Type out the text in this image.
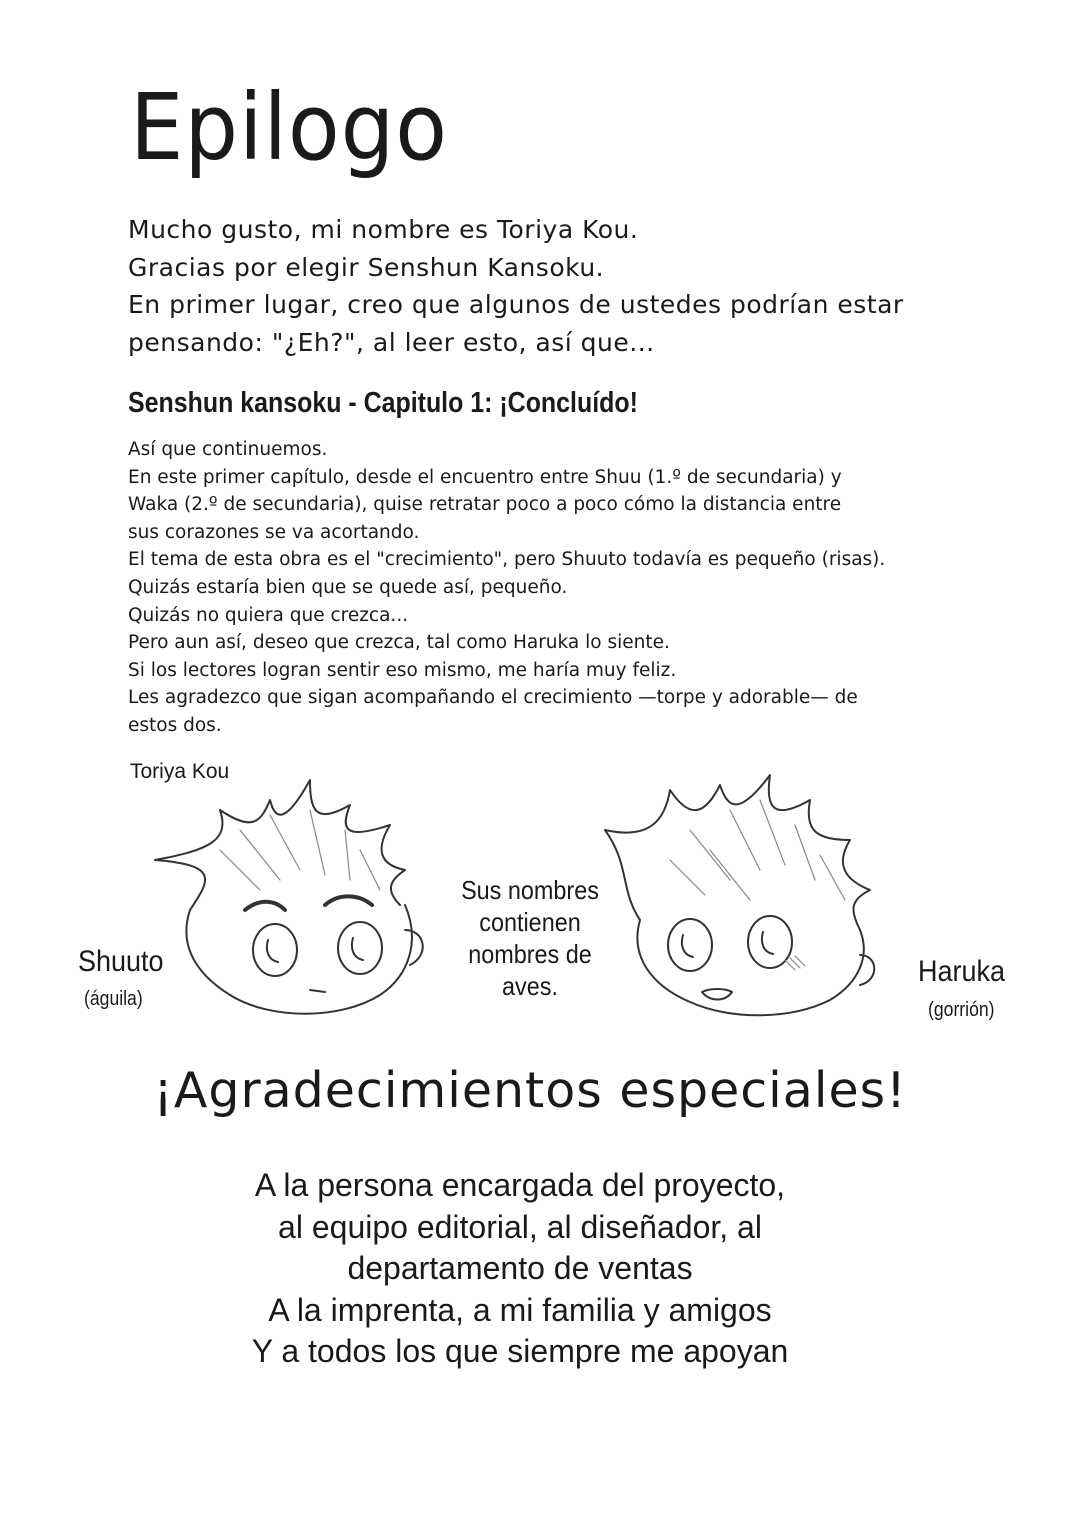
Epilogo
Mucho gusto, mi nombre es Toriya Kou.
Gracias por elegir Senshun Kansoku.
En primer lugar, creo que algunos de ustedes podrían estar
pensando: "¿Eh?", al leer esto, así que...
Senshun kansoku - Capitulo 1: ¡Concluído!
Así que continuemos.
En este primer capítulo, desde el encuentro entre Shuu (1.º de secundaria) y
Waka (2.º de secundaria), quise retratar poco a poco cómo la distancia entre
sus corazones se va acortando.
El tema de esta obra es el "crecimiento", pero Shuuto todavía es pequeño (risas).
Quizás estaría bien que se quede así, pequeño.
Quizás no quiera que crezca...
Pero aun así, deseo que crezca, tal como Haruka lo siente.
Si los lectores logran sentir eso mismo, me haría muy feliz.
Les agradezco que sigan acompañando el crecimiento —torpe y adorable— de
estos dos.
Toriya Kou
Sus nombres
contienen
nombres de
aves.
Shuuto
(águila)
Haruka
(gorrión)
¡Agradecimientos especiales!
A la persona encargada del proyecto,
al equipo editorial, al diseñador, al
departamento de ventas
A la imprenta, a mi familia y amigos
Y a todos los que siempre me apoyan
